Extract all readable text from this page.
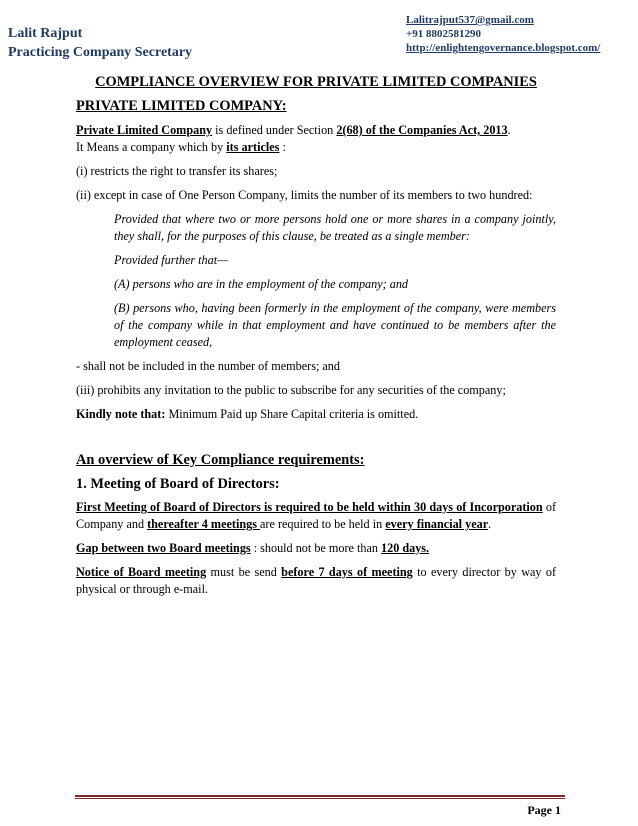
Lalit Rajput
Practicing Company Secretary
Lalitrajput537@gmail.com
+91 8802581290
http://enlightengovernance.blogspot.com/
COMPLIANCE OVERVIEW FOR PRIVATE LIMITED COMPANIES
PRIVATE LIMITED COMPANY:

Private Limited Company is defined under Section 2(68) of the Companies Act, 2013.
It Means a company which by its articles :

(i) restricts the right to transfer its shares;

(ii) except in case of One Person Company, limits the number of its members to two hundred:

Provided that where two or more persons hold one or more shares in a company jointly, they shall, for the purposes of this clause, be treated as a single member:

Provided further that—

(A) persons who are in the employment of the company; and

(B) persons who, having been formerly in the employment of the company, were members of the company while in that employment and have continued to be members after the employment ceased,

- shall not be included in the number of members; and

(iii) prohibits any invitation to the public to subscribe for any securities of the company;

Kindly note that: Minimum Paid up Share Capital criteria is omitted.

An overview of Key Compliance requirements:
1. Meeting of Board of Directors:

First Meeting of Board of Directors is required to be held within 30 days of Incorporation of Company and thereafter 4 meetings are required to be held in every financial year.

Gap between two Board meetings : should not be more than 120 days.

Notice of Board meeting must be send before 7 days of meeting to every director by way of physical or through e-mail.

Page 1
